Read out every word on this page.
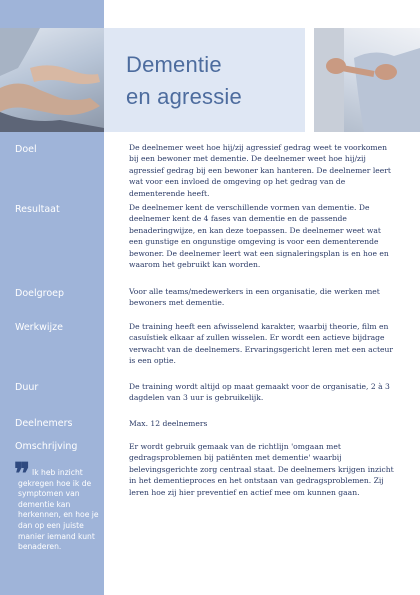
Dementie
en agressie
Doel
Resultaat
Doelgroep
Werkwijze
Duur
Deelnemers
Omschrijving

De deelnemer weet hoe hij/zij agressief gedrag weet te voorkomen bij een bewoner met dementie. De deelnemer weet hoe hij/zij agressief gedrag bij een bewoner kan hanteren. De deelnemer leert wat voor een invloed de omgeving op het gedrag van de dementerende heeft.

De deelnemer kent de verschillende vormen van dementie. De deelnemer kent de 4 fases van dementie en de passende benaderingwijze, en kan deze toepassen. De deelnemer weet wat een gunstige en ongunstige omgeving is voor een dementerende bewoner. De deelnemer leert wat een signaleringsplan is en hoe en waarom het gebruikt kan worden.

Voor alle teams/medewerkers in een organisatie, die werken met bewoners met dementie.

De training heeft een afwisselend karakter, waarbij theorie, film en casuïstiek elkaar af zullen wisselen. Er wordt een actieve bijdrage verwacht van de deelnemers. Ervaringsgericht leren met een acteur is een optie.

De training wordt altijd op maat gemaakt voor de organisatie, 2 à 3 dagdelen van 3 uur is gebruikelijk.

Max. 12 deelnemers

Er wordt gebruik gemaak van de richtlijn 'omgaan met gedragsproblemen bij patiënten met dementie' waarbij belevingsgerichte zorg centraal staat. De deelnemers krijgen inzicht in het dementieproces en het ontstaan van gedragsproblemen. Zij leren hoe zij hier preventief en actief mee om kunnen gaan.

❞ Ik heb inzicht gekregen hoe ik de symptomen van dementie kan herkennen, en hoe je dan op een juiste manier iemand kunt benaderen.
